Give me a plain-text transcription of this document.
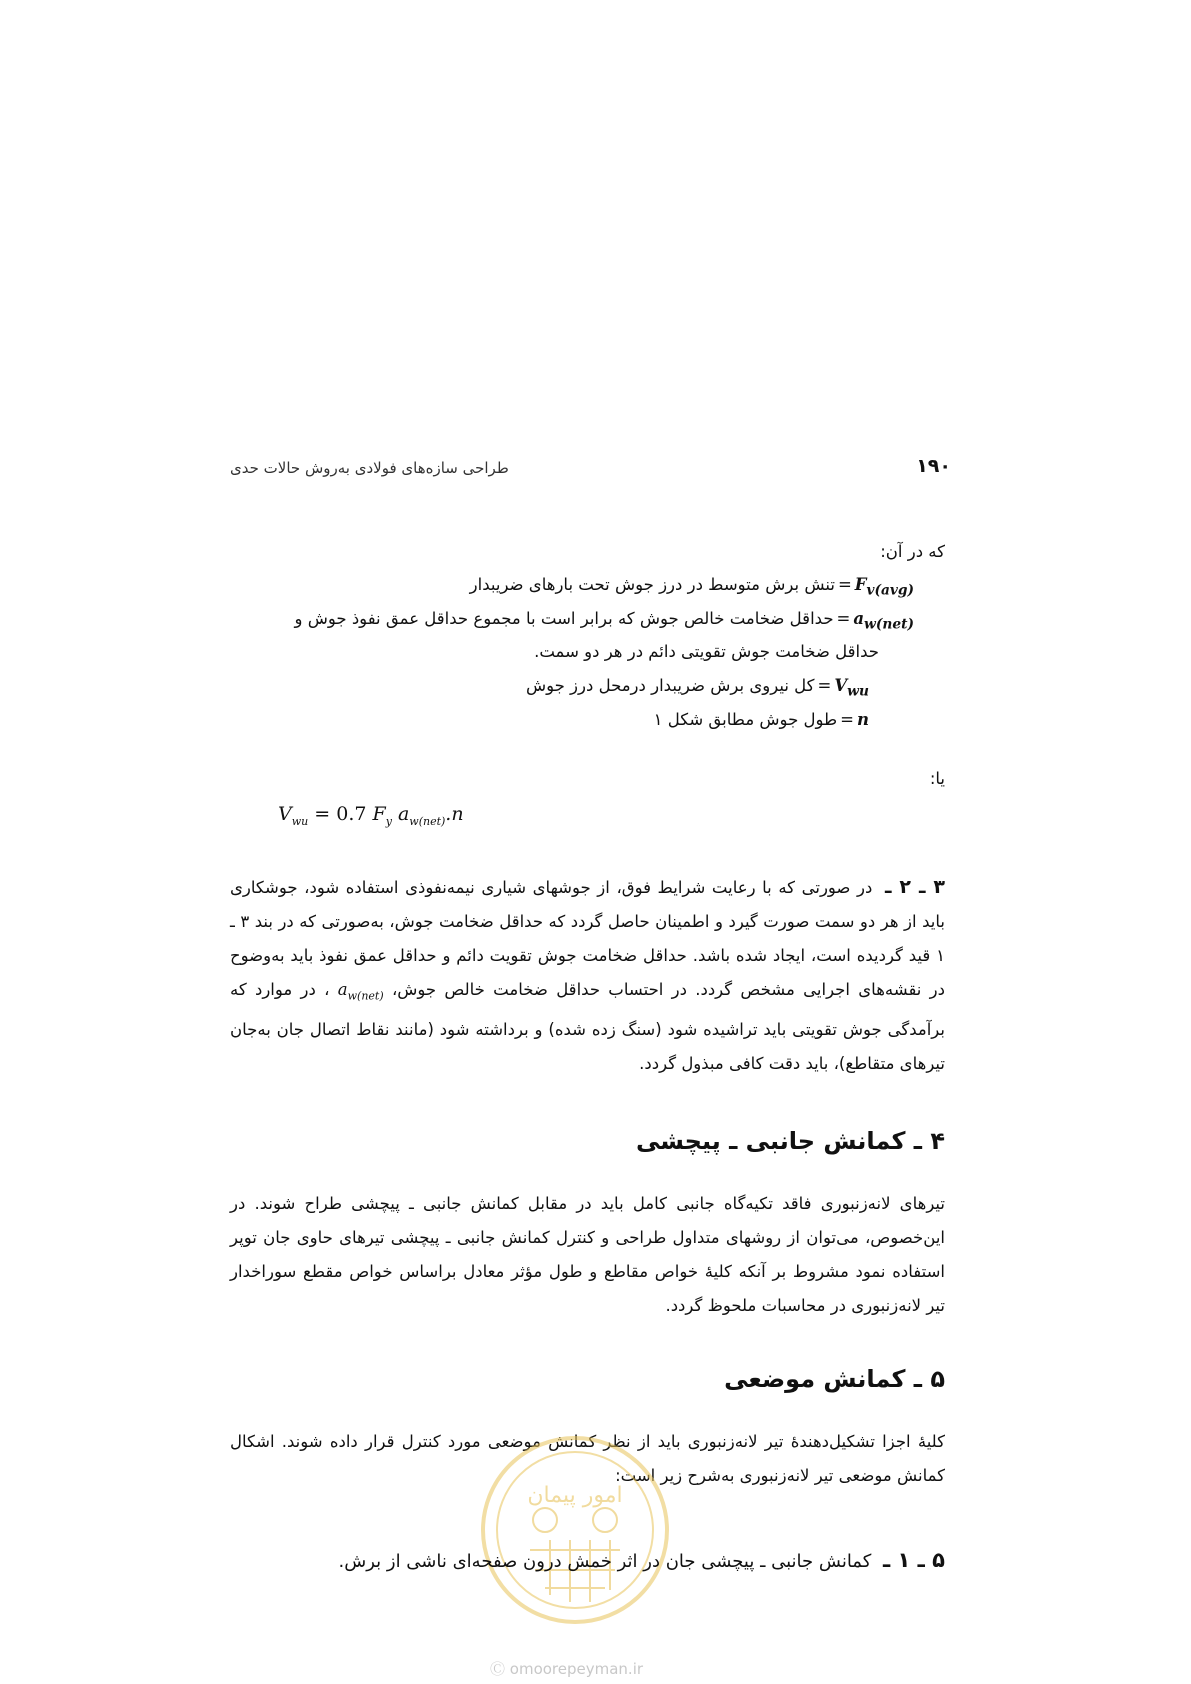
طراحی سازه‌های فولادی به‌روش حالات حدی	۱۹۰
که در آن:
$F_{v(avg)}=تنش$ برش متوسط در درز جوش تحت بارهای ضریبدار
$a_{w(net)}=حداقل$ ضخامت خالص جوش که برابر است با مجموع حداقل عمق نفوذ جوش و
حداقل ضخامت جوش تقویتی دائم در هر دو سمت.
$V_{wu}=کل$ نیروی برش ضریبدار درمحل درز جوش
n=طول جوش مطابق شکل ۱
یا:
$V_{wu} = 0.7$ $F_y$ $a_{w(net)}.n$
۳ ـ ۲ ـ در صورتی که با رعایت شرایط فوق، از جوشهای شیاری نیمه‌نفوذی استفاده شود، جوشکاری باید از هر دو سمت صورت گیرد و اطمینان حاصل گردد که حداقل ضخامت جوش، به‌صورتی که در بند ۳ ـ ۱ قید گردیده است، ایجاد شده باشد. حداقل ضخامت جوش تقویت دائم و حداقل عمق نفوذ باید به‌وضوح در نقشه‌های اجرایی مشخص گردد. در احتساب حداقل ضخامت خالص جوش، $a_{w(net)}$ ، در موارد که برآمدگی جوش تقویتی باید تراشیده شود (سنگ زده شده) و برداشته شود (مانند نقاط اتصال جان به‌جان تیرهای متقاطع)، باید دقت کافی مبذول گردد.
۴ ـ کمانش جانبی ـ پیچشی
تیرهای لانه‌زنبوری فاقد تکیه‌گاه جانبی کامل باید در مقابل کمانش جانبی ـ پیچشی طراح شوند. در این‌خصوص، می‌توان از روشهای متداول طراحی و کنترل کمانش جانبی ـ پیچشی تیرهای حاوی جان توپر استفاده نمود مشروط بر آنکه کلیهٔ خواص مقاطع و طول مؤثر معادل براساس خواص مقطع سوراخدار تیر لانه‌زنبوری در محاسبات ملحوظ گردد.
۵ ـ کمانش موضعی
کلیهٔ اجزا تشکیل‌دهندهٔ تیر لانه‌زنبوری باید از نظر کمانش موضعی مورد کنترل قرار داده شوند. اشکال کمانش موضعی تیر لانه‌زنبوری به‌شرح زیر است:
امور پیمان
۵ ـ ۱ ـ کمانش جانبی ـ پیچشی جان در اثر خمش درون صفحه‌ای ناشی از برش.
Ⓒ omoorepeyman.ir
